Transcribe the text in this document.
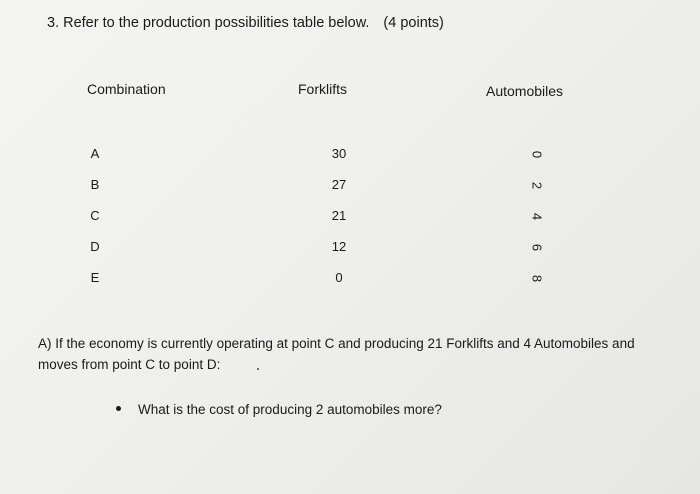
3. Refer to the production possibilities table below. (4 points)
Combination	Forklifts	Automobiles
A	30	0
B	27	2
C	21	4
D	12	6
E	0	8
A) If the economy is currently operating at point C and producing 21 Forklifts and 4 Automobiles and moves from point C to point D:
What is the cost of producing 2 automobiles more?
